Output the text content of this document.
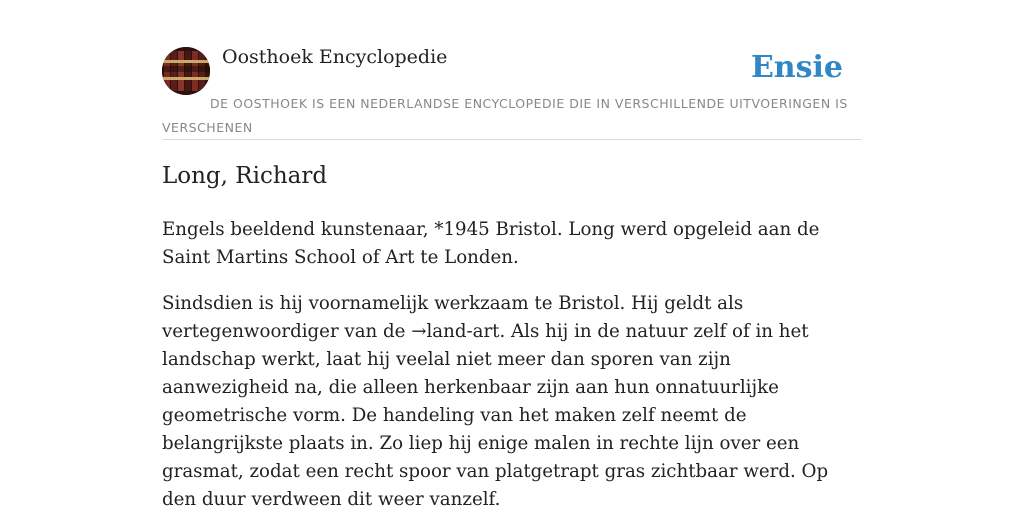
Oosthoek Encyclopedie	Ensie
DE OOSTHOEK IS EEN NEDERLANDSE ENCYCLOPEDIE DIE IN VERSCHILLENDE UITVOERINGEN IS VERSCHENEN
Long, Richard

Engels beeldend kunstenaar, *1945 Bristol. Long werd opgeleid aan de Saint Martins School of Art te Londen.

Sindsdien is hij voornamelijk werkzaam te Bristol. Hij geldt als vertegenwoordiger van de →land-art. Als hij in de natuur zelf of in het landschap werkt, laat hij veelal niet meer dan sporen van zijn aanwezigheid na, die alleen herkenbaar zijn aan hun onnatuurlijke geometrische vorm. De handeling van het maken zelf neemt de belangrijkste plaats in. Zo liep hij enige malen in rechte lijn over een grasmat, zodat een recht spoor van platgetrapt gras zichtbaar werd. Op den duur verdween dit weer vanzelf.
